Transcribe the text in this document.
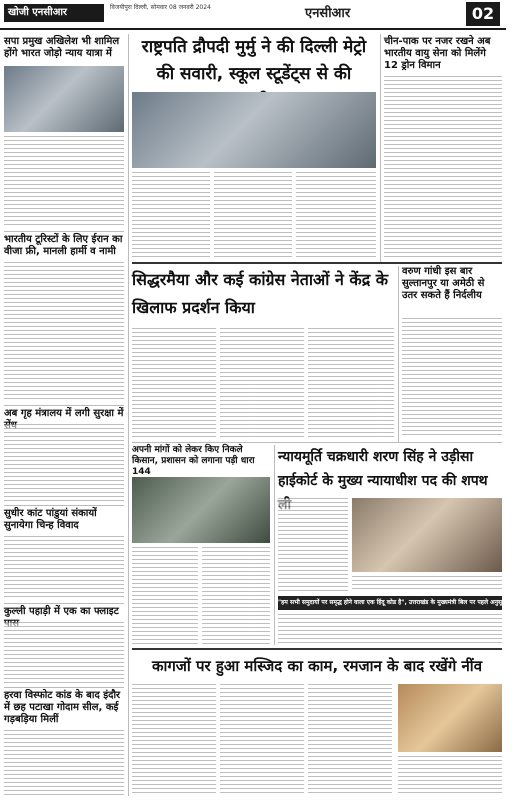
खोजी एनसीआर	विजयीपुरा दिल्ली, सोमवार 08 जनवरी 2024	एनसीआर	02
सपा प्रमुख अखिलेश भी शामिल होंगे भारत जोड़ो न्याय यात्रा में
भारतीय टूरिस्टों के लिए ईरान का वीजा फ्री, मानली हार्मी व नामी
अब गृह मंत्रालय में लगी सुरक्षा में
सुधीर कांट पांडुयां संकायों सुनायेगा चिन्ह विवाद
कुल्ली पहाड़ी में एक का फ्लाइट
हरवा विस्फोट कांड के बाद इंदौर में छह पटाखा गोदाम सील, कई गड़बड़िया मिलीं
राष्ट्रपति द्रौपदी मुर्मु ने की दिल्ली मेट्रो की सवारी, स्कूल स्टूडेंट्स से की
चीन-पाक पर नजर रखने अब भारतीय वायु सेना को मिलेंगे 12 ड्रोन विमान
सिद्धरमैया और कई कांग्रेस नेताओं ने केंद्र के खिलाफ प्रदर्शन किया
वरुण गांधी इस बार सुल्तानपुर या अमेठी से उतर सकते हैं निर्दलीय
अपनी मांगों को लेकर किए निकले किसान, प्रशासन को लगाना पड़ी धारा 144
न्यायमूर्ति चक्रधारी शरण सिंह ने उड़ीसा हाईकोर्ट के मुख्य न्यायाधीश पद की शपथ
"हम सभी समुदायों पर समृद्ध होने वाला एक हिंदू कोड है", उत्तराखंड के मुख्यमंत्री बिल पर पहले अनुसूचित आदेशों
कागजों पर हुआ मस्जिद का काम, रमजान के बाद रखेंगे नींव
